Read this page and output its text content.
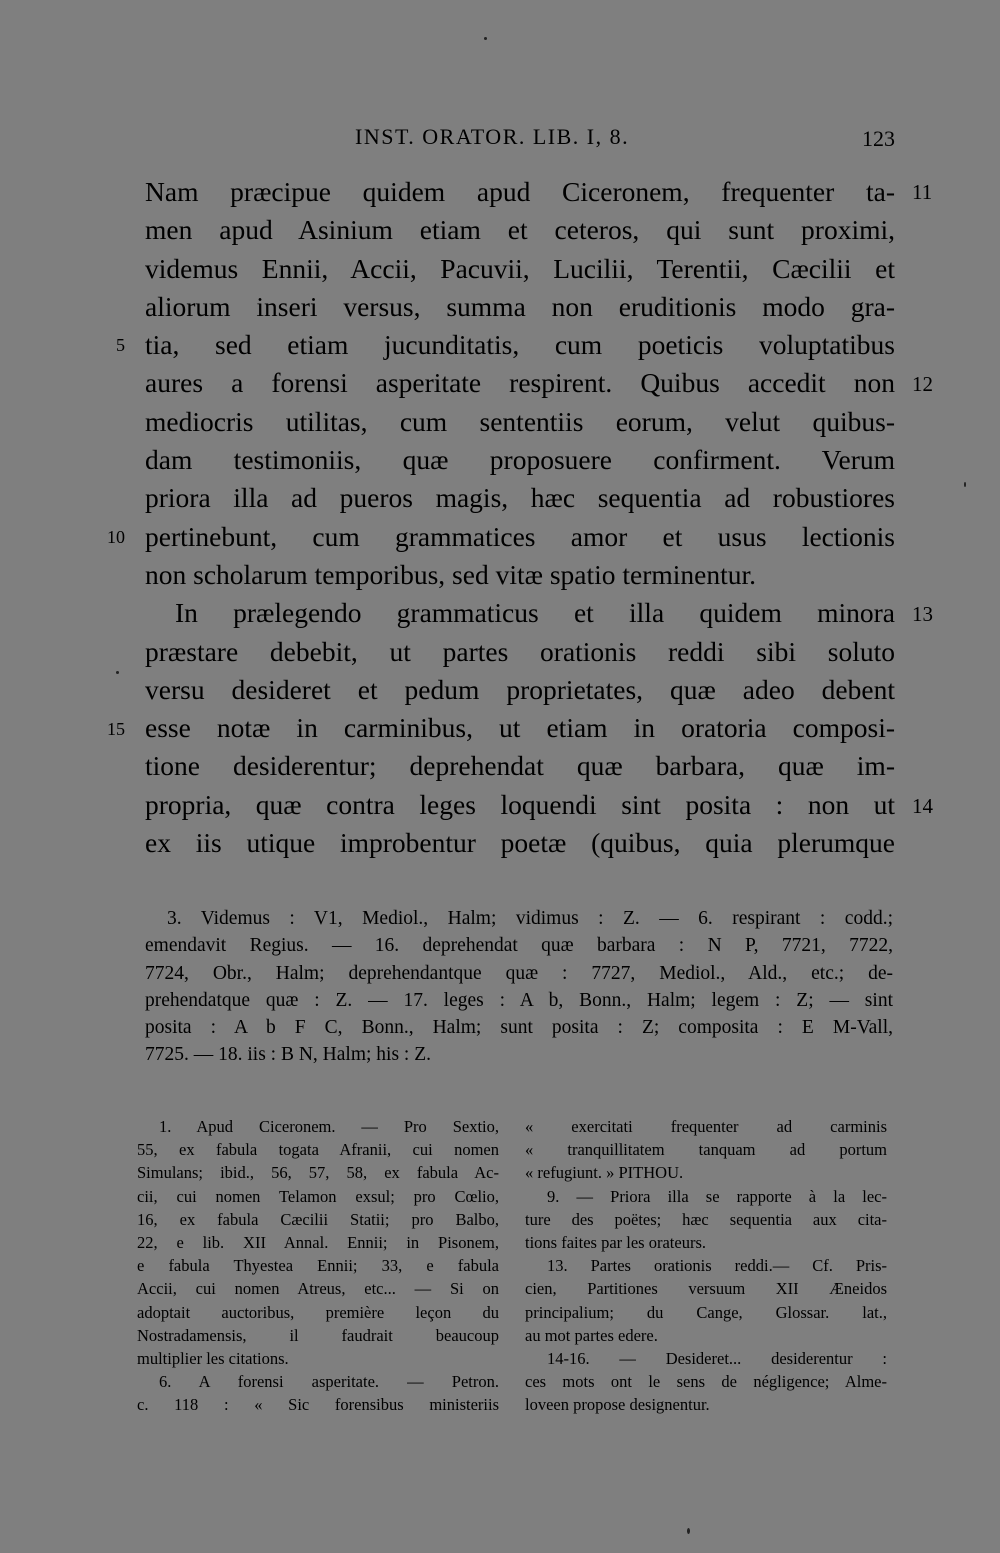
INST. ORATOR. LIB. I, 8.	123
Nam præcipue quidem apud Ciceronem, frequenter ta-
men apud Asinium etiam et ceteros, qui sunt proximi,
videmus Ennii, Accii, Pacuvii, Lucilii, Terentii, Cæcilii et
aliorum inseri versus, summa non eruditionis modo gra-
tia, sed etiam jucunditatis, cum poeticis voluptatibus
aures a forensi asperitate respirent. Quibus accedit non
mediocris utilitas, cum sententiis eorum, velut quibus-
dam testimoniis, quæ proposuere confirment. Verum
priora illa ad pueros magis, hæc sequentia ad robustiores
pertinebunt, cum grammatices amor et usus lectionis
non scholarum temporibus, sed vitæ spatio terminentur.
In prælegendo grammaticus et illa quidem minora
præstare debebit, ut partes orationis reddi sibi soluto
versu desideret et pedum proprietates, quæ adeo debent
esse notæ in carminibus, ut etiam in oratoria composi-
tione desiderentur; deprehendat quæ barbara, quæ im-
propria, quæ contra leges loquendi sint posita : non ut
ex iis utique improbentur poetæ (quibus, quia plerumque
5
10
15
11
12
13
14
3. Videmus : V1, Mediol., Halm; vidimus : Z. — 6. respirant : codd.;
emendavit Regius. — 16. deprehendat quæ barbara : N P, 7721, 7722,
7724, Obr., Halm; deprehendantque quæ : 7727, Mediol., Ald., etc.; de-
prehendatque quæ : Z. — 17. leges : A b, Bonn., Halm; legem : Z; — sint
posita : A b F C, Bonn., Halm; sunt posita : Z; composita : E M-Vall,
7725. — 18. iis : B N, Halm; his : Z.
1. Apud Ciceronem. — Pro Sextio,
55, ex fabula togata Afranii, cui nomen
Simulans; ibid., 56, 57, 58, ex fabula Ac-
cii, cui nomen Telamon exsul; pro Cœlio,
16, ex fabula Cæcilii Statii; pro Balbo,
22, e lib. XII Annal. Ennii; in Pisonem,
e fabula Thyestea Ennii; 33, e fabula
Accii, cui nomen Atreus, etc... — Si on
adoptait auctoribus, première leçon du
Nostradamensis, il faudrait beaucoup
multiplier les citations.
6. A forensi asperitate. — Petron.
c. 118 : « Sic forensibus ministeriis
« exercitati frequenter ad carminis
« tranquillitatem tanquam ad portum
« refugiunt. » PITHOU.
9. — Priora illa se rapporte à la lec-
ture des poëtes; hæc sequentia aux cita-
tions faites par les orateurs.
13. Partes orationis reddi.— Cf. Pris-
cien, Partitiones versuum XII Æneidos
principalium; du Cange, Glossar. lat.,
au mot partes edere.
14-16. — Desideret... desiderentur :
ces mots ont le sens de négligence; Alme-
loveen propose designentur.
